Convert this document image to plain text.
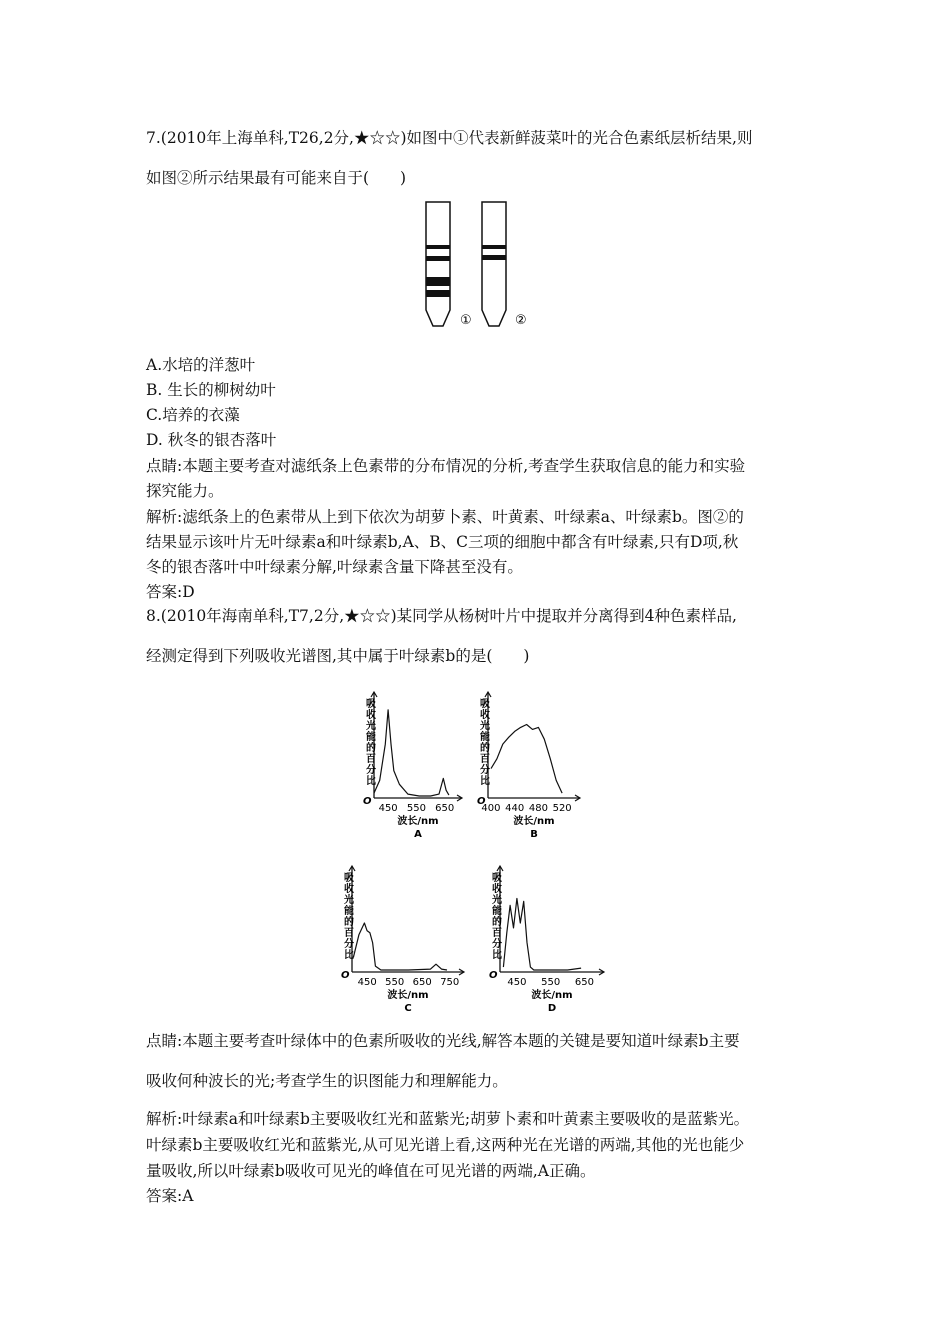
7.(2010年上海单科,T26,2分,★☆☆)如图中①代表新鲜菠菜叶的光合色素纸层析结果,则
如图②所示结果最有可能来自于(　　)
①	②
A.水培的洋葱叶
B. 生长的柳树幼叶
C.培养的衣藻
D. 秋冬的银杏落叶
点睛:本题主要考查对滤纸条上色素带的分布情况的分析,考查学生获取信息的能力和实验
探究能力。
解析:滤纸条上的色素带从上到下依次为胡萝卜素、叶黄素、叶绿素a、叶绿素b。图②的
结果显示该叶片无叶绿素a和叶绿素b,A、B、C三项的细胞中都含有叶绿素,只有D项,秋
冬的银杏落叶中叶绿素分解,叶绿素含量下降甚至没有。
答案:D
8.(2010年海南单科,T7,2分,★☆☆)某同学从杨树叶片中提取并分离得到4种色素样品,
经测定得到下列吸收光谱图,其中属于叶绿素b的是(　　)
O
吸收光能的百分比
450 550 650
波长/nm
A
O
吸收光能的百分比
400 440 480 520
波长/nm
B
O
吸收光能的百分比
450 550 650 750
波长/nm
C
O
吸收光能的百分比
450 550 650
波长/nm
D
点睛:本题主要考查叶绿体中的色素所吸收的光线,解答本题的关键是要知道叶绿素b主要
吸收何种波长的光;考查学生的识图能力和理解能力。
解析:叶绿素a和叶绿素b主要吸收红光和蓝紫光;胡萝卜素和叶黄素主要吸收的是蓝紫光。
叶绿素b主要吸收红光和蓝紫光,从可见光谱上看,这两种光在光谱的两端,其他的光也能少
量吸收,所以叶绿素b吸收可见光的峰值在可见光谱的两端,A正确。
答案:A
